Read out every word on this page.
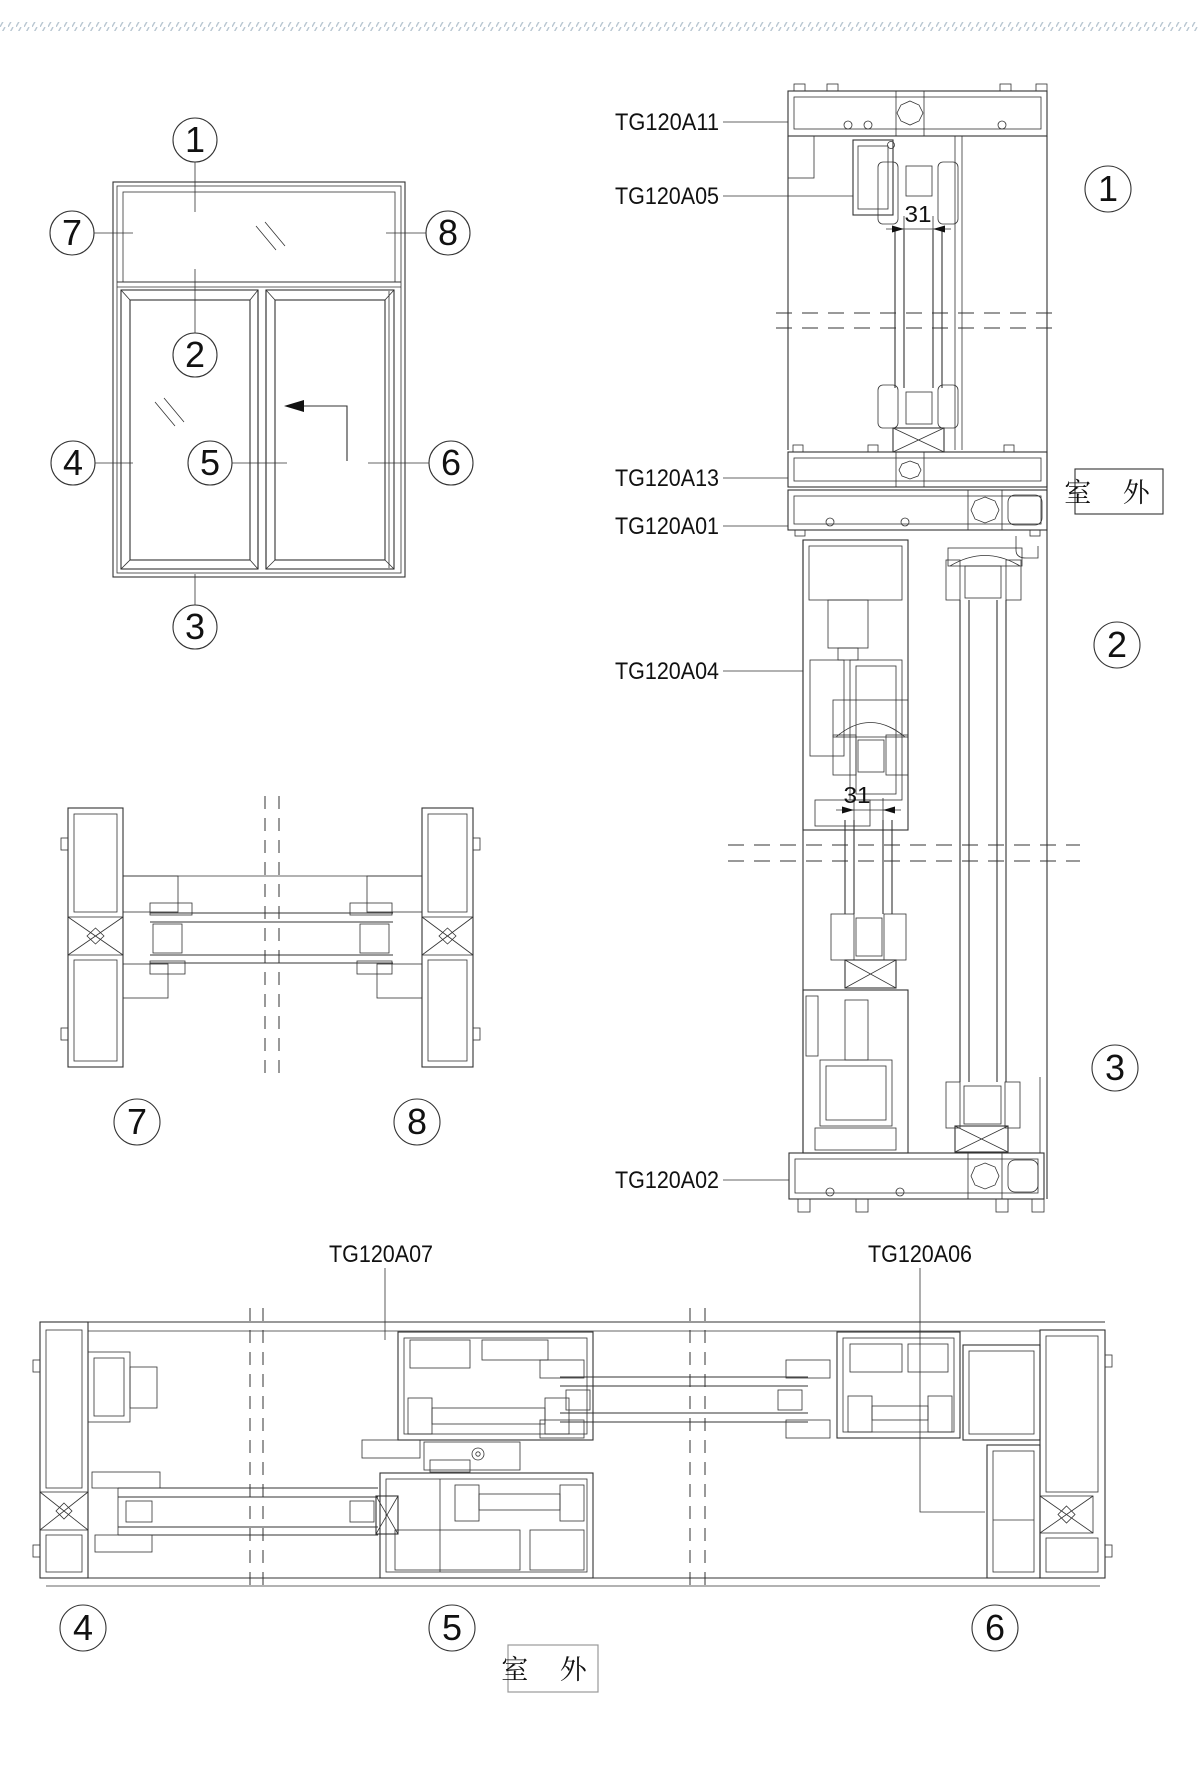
1
7	8
2
4	5	6
3
7	8
31
31
TG120A11
TG120A05
TG120A13
TG120A01
TG120A04
TG120A02
室 外
1
2
3
TG120A07	TG120A06
4	5	6
室 外
